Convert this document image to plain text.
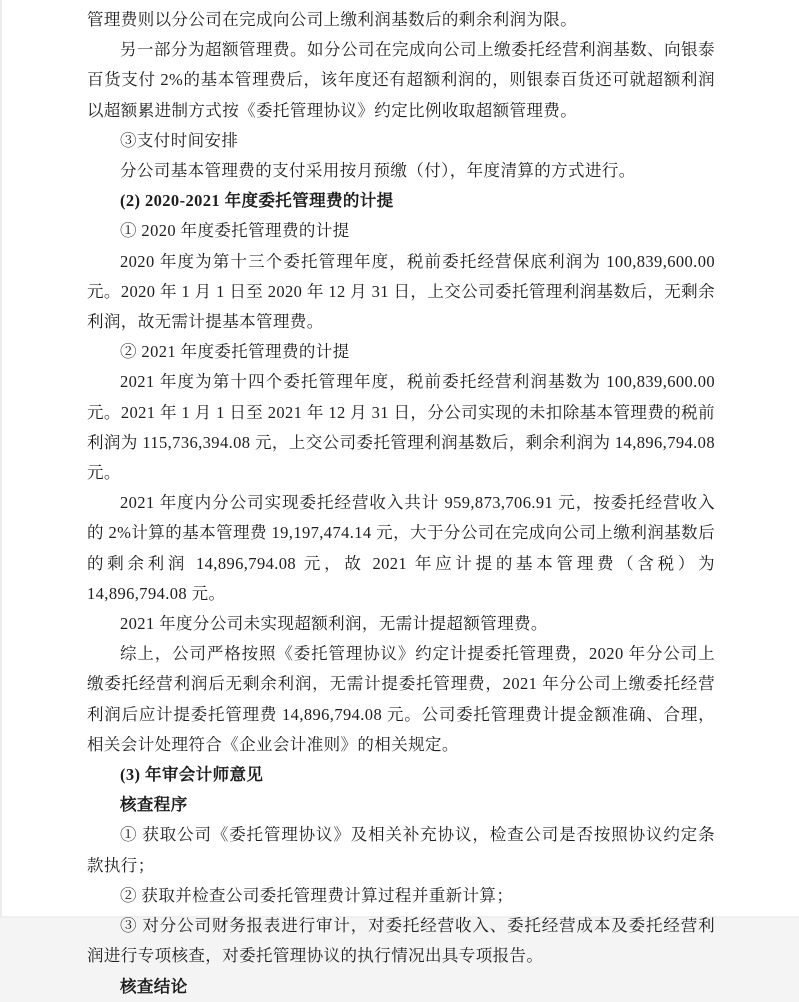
管理费则以分公司在完成向公司上缴利润基数后的剩余利润为限。

另一部分为超额管理费。如分公司在完成向公司上缴委托经营利润基数、向银泰百货支付 2%的基本管理费后，该年度还有超额利润的，则银泰百货还可就超额利润以超额累进制方式按《委托管理协议》约定比例收取超额管理费。

③支付时间安排

分公司基本管理费的支付采用按月预缴（付），年度清算的方式进行。

(2) 2020-2021 年度委托管理费的计提

① 2020 年度委托管理费的计提

2020 年度为第十三个委托管理年度，税前委托经营保底利润为 100,839,600.00 元。2020 年 1 月 1 日至 2020 年 12 月 31 日，上交公司委托管理利润基数后，无剩余利润，故无需计提基本管理费。

② 2021 年度委托管理费的计提

2021 年度为第十四个委托管理年度，税前委托经营利润基数为 100,839,600.00 元。2021 年 1 月 1 日至 2021 年 12 月 31 日，分公司实现的未扣除基本管理费的税前利润为 115,736,394.08 元，上交公司委托管理利润基数后，剩余利润为 14,896,794.08 元。

2021 年度内分公司实现委托经营收入共计 959,873,706.91 元，按委托经营收入的 2%计算的基本管理费 19,197,474.14 元，大于分公司在完成向公司上缴利润基数后的剩余利润 14,896,794.08 元，故 2021 年应计提的基本管理费（含税）为 14,896,794.08 元。

2021 年度分公司未实现超额利润，无需计提超额管理费。

综上，公司严格按照《委托管理协议》约定计提委托管理费，2020 年分公司上缴委托经营利润后无剩余利润，无需计提委托管理费，2021 年分公司上缴委托经营利润后应计提委托管理费 14,896,794.08 元。公司委托管理费计提金额准确、合理，相关会计处理符合《企业会计准则》的相关规定。

(3) 年审会计师意见

核查程序

① 获取公司《委托管理协议》及相关补充协议，检查公司是否按照协议约定条款执行；

② 获取并检查公司委托管理费计算过程并重新计算；

③ 对分公司财务报表进行审计，对委托经营收入、委托经营成本及委托经营利润进行专项核查，对委托管理协议的执行情况出具专项报告。

核查结论
